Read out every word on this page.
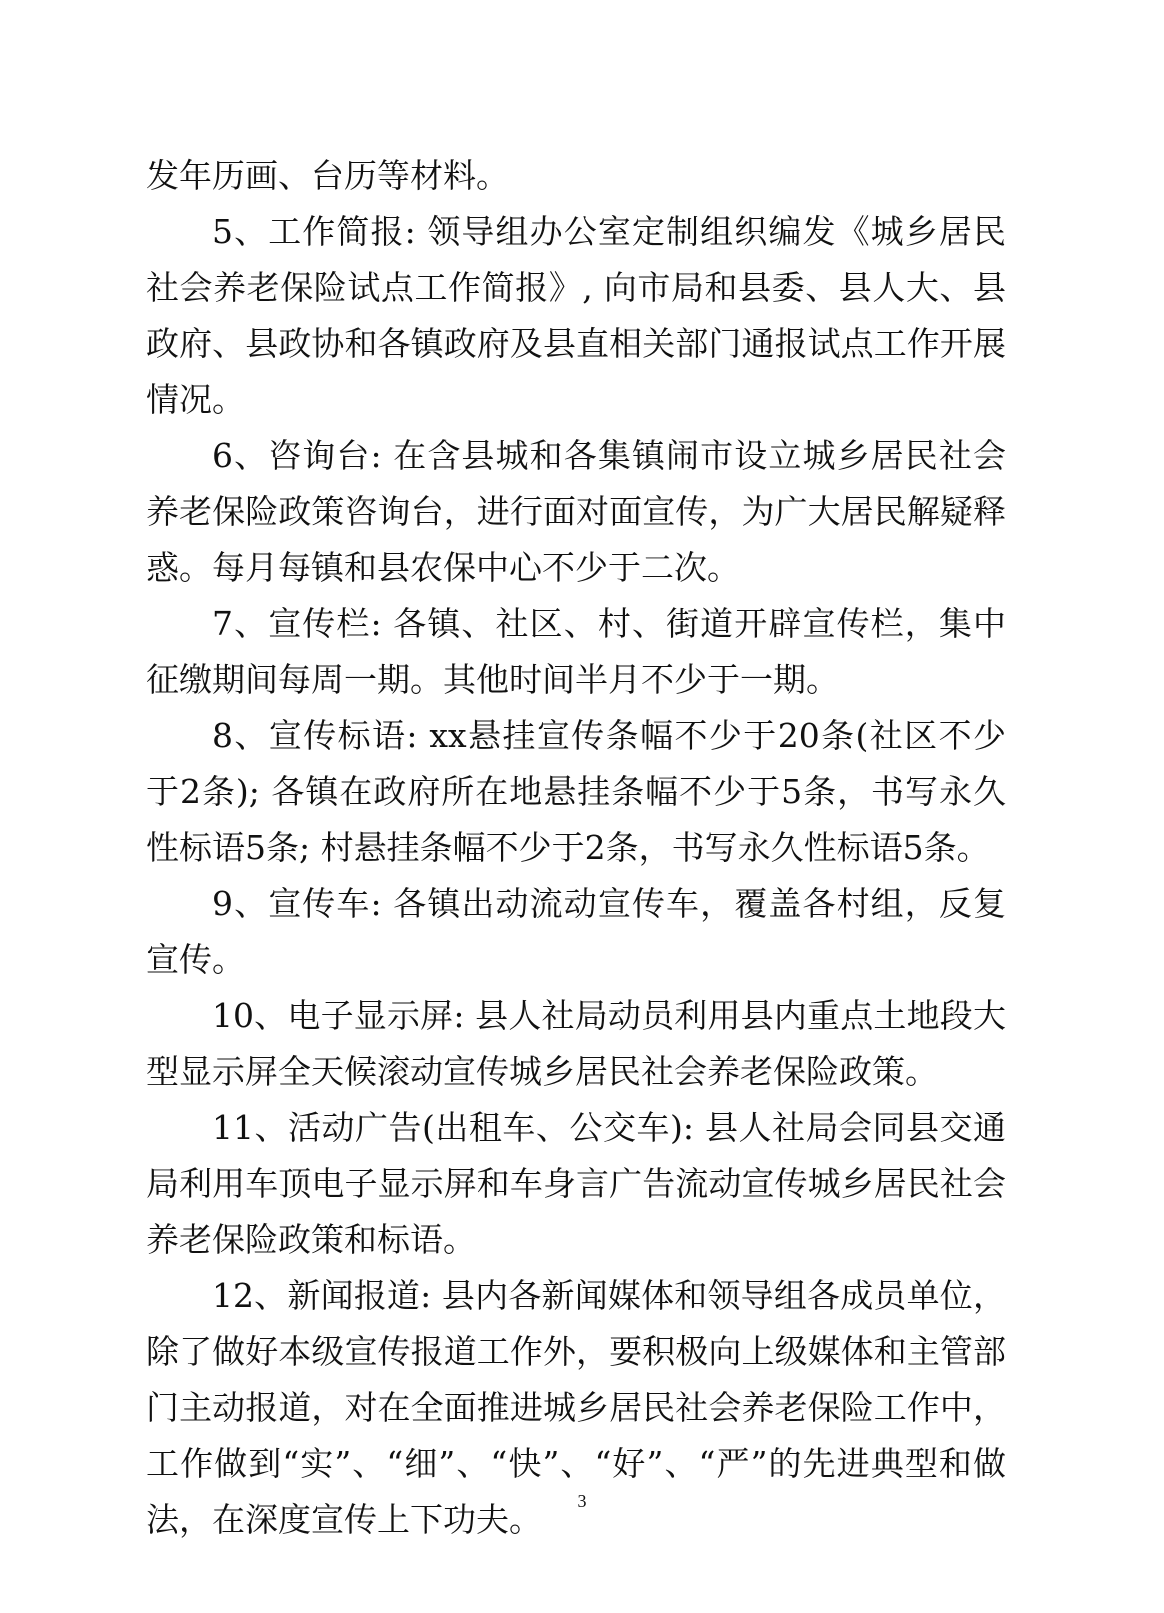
发年历画、台历等材料。

5、工作简报: 领导组办公室定制组织编发《城乡居民社会养老保险试点工作简报》, 向市局和县委、县人大、县政府、县政协和各镇政府及县直相关部门通报试点工作开展情况。

6、咨询台: 在含县城和各集镇闹市设立城乡居民社会养老保险政策咨询台，进行面对面宣传，为广大居民解疑释惑。每月每镇和县农保中心不少于二次。

7、宣传栏: 各镇、社区、村、街道开辟宣传栏，集中征缴期间每周一期。其他时间半月不少于一期。

8、宣传标语: xx悬挂宣传条幅不少于20条(社区不少于2条); 各镇在政府所在地悬挂条幅不少于5条，书写永久性标语5条; 村悬挂条幅不少于2条，书写永久性标语5条。

9、宣传车: 各镇出动流动宣传车，覆盖各村组，反复宣传。

10、电子显示屏: 县人社局动员利用县内重点土地段大型显示屏全天候滚动宣传城乡居民社会养老保险政策。

11、活动广告(出租车、公交车): 县人社局会同县交通局利用车顶电子显示屏和车身言广告流动宣传城乡居民社会养老保险政策和标语。

12、新闻报道: 县内各新闻媒体和领导组各成员单位，除了做好本级宣传报道工作外，要积极向上级媒体和主管部门主动报道，对在全面推进城乡居民社会养老保险工作中，工作做到“实”、“细”、“快”、“好”、“严”的先进典型和做法，在深度宣传上下功夫。	3
